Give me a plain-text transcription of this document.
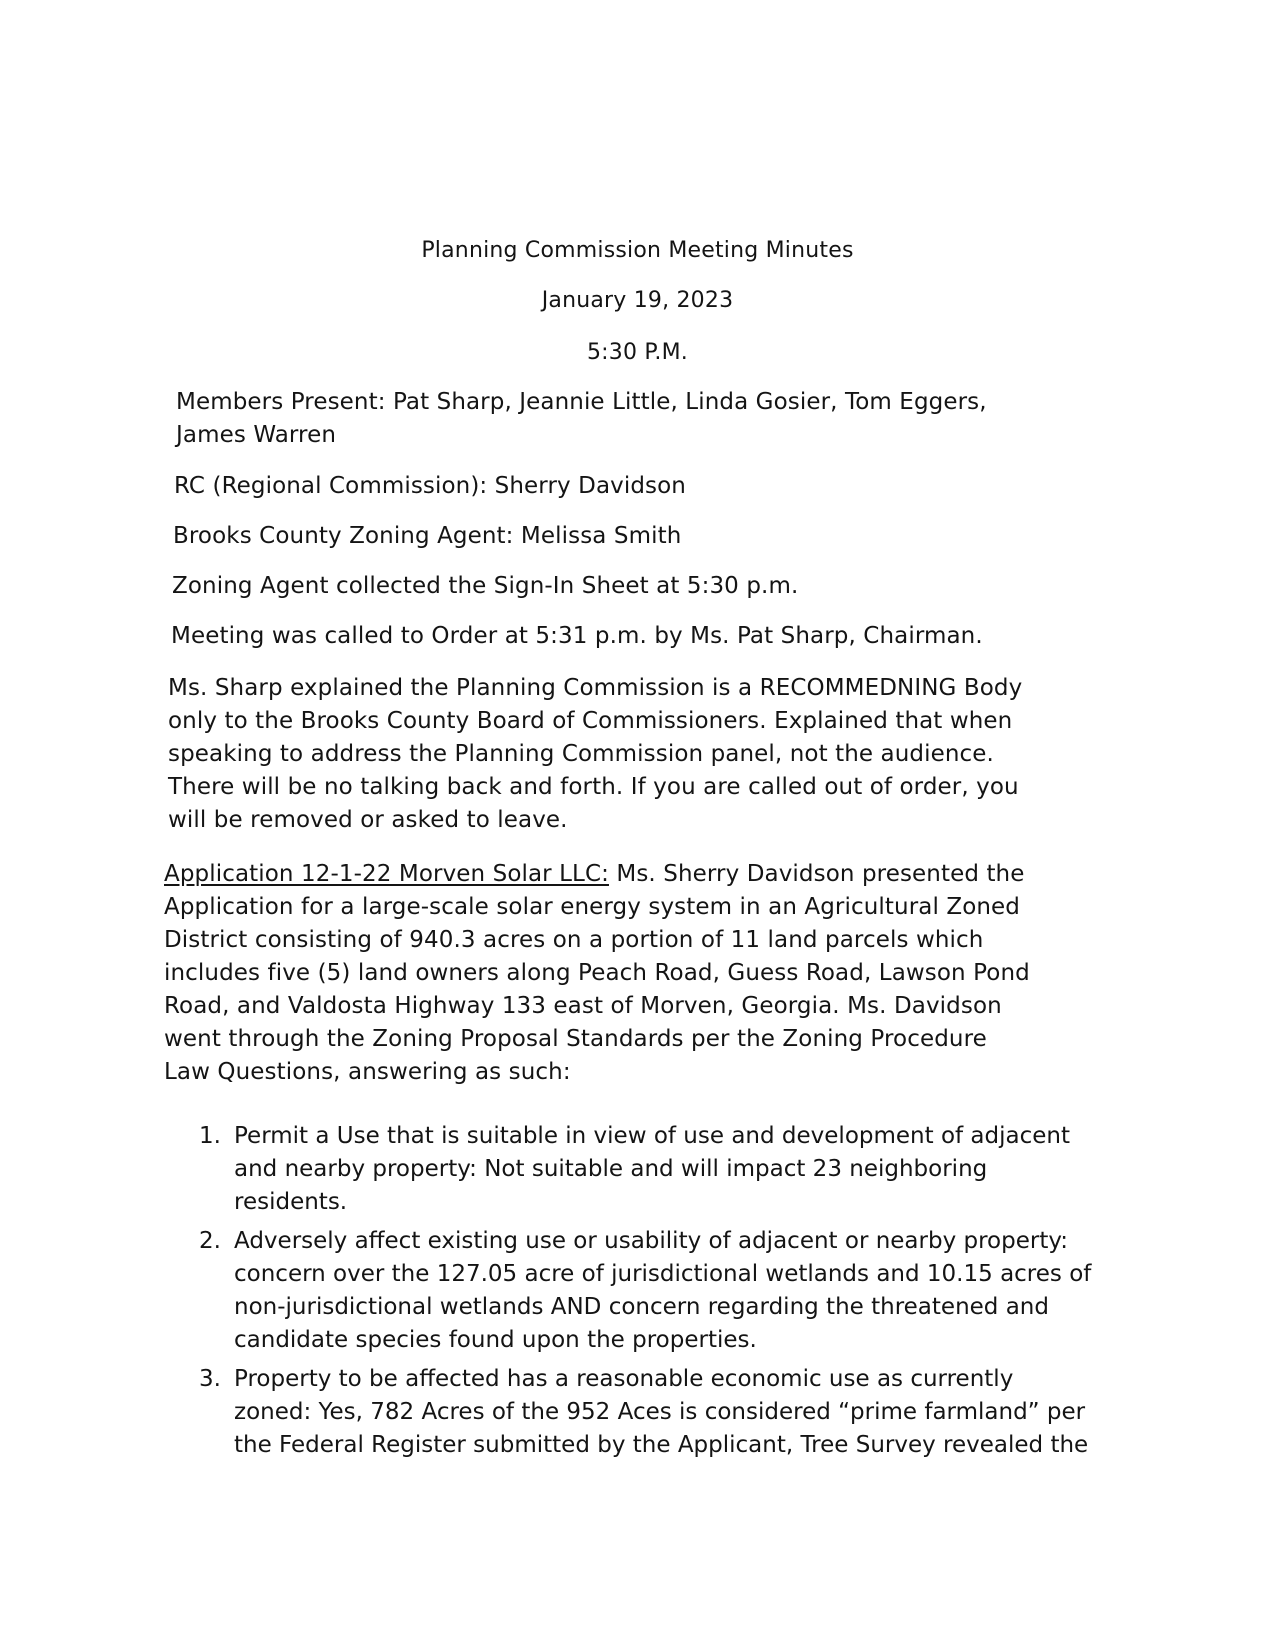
Planning Commission Meeting Minutes
January 19, 2023
5:30 P.M.
Members Present: Pat Sharp, Jeannie Little, Linda Gosier, Tom Eggers, James Warren
RC (Regional Commission): Sherry Davidson
Brooks County Zoning Agent: Melissa Smith
Zoning Agent collected the Sign-In Sheet at 5:30 p.m.
Meeting was called to Order at 5:31 p.m. by Ms. Pat Sharp, Chairman.
Ms. Sharp explained the Planning Commission is a RECOMMEDNING Body only to the Brooks County Board of Commissioners. Explained that when speaking to address the Planning Commission panel, not the audience. There will be no talking back and forth. If you are called out of order, you will be removed or asked to leave.
Application 12-1-22 Morven Solar LLC: Ms. Sherry Davidson presented the Application for a large-scale solar energy system in an Agricultural Zoned District consisting of 940.3 acres on a portion of 11 land parcels which includes five (5) land owners along Peach Road, Guess Road, Lawson Pond Road, and Valdosta Highway 133 east of Morven, Georgia. Ms. Davidson went through the Zoning Proposal Standards per the Zoning Procedure Law Questions, answering as such:
1. Permit a Use that is suitable in view of use and development of adjacent and nearby property: Not suitable and will impact 23 neighboring residents.
2. Adversely affect existing use or usability of adjacent or nearby property: concern over the 127.05 acre of jurisdictional wetlands and 10.15 acres of non-jurisdictional wetlands AND concern regarding the threatened and candidate species found upon the properties.
3. Property to be affected has a reasonable economic use as currently zoned: Yes, 782 Acres of the 952 Aces is considered “prime farmland” per the Federal Register submitted by the Applicant, Tree Survey revealed the
